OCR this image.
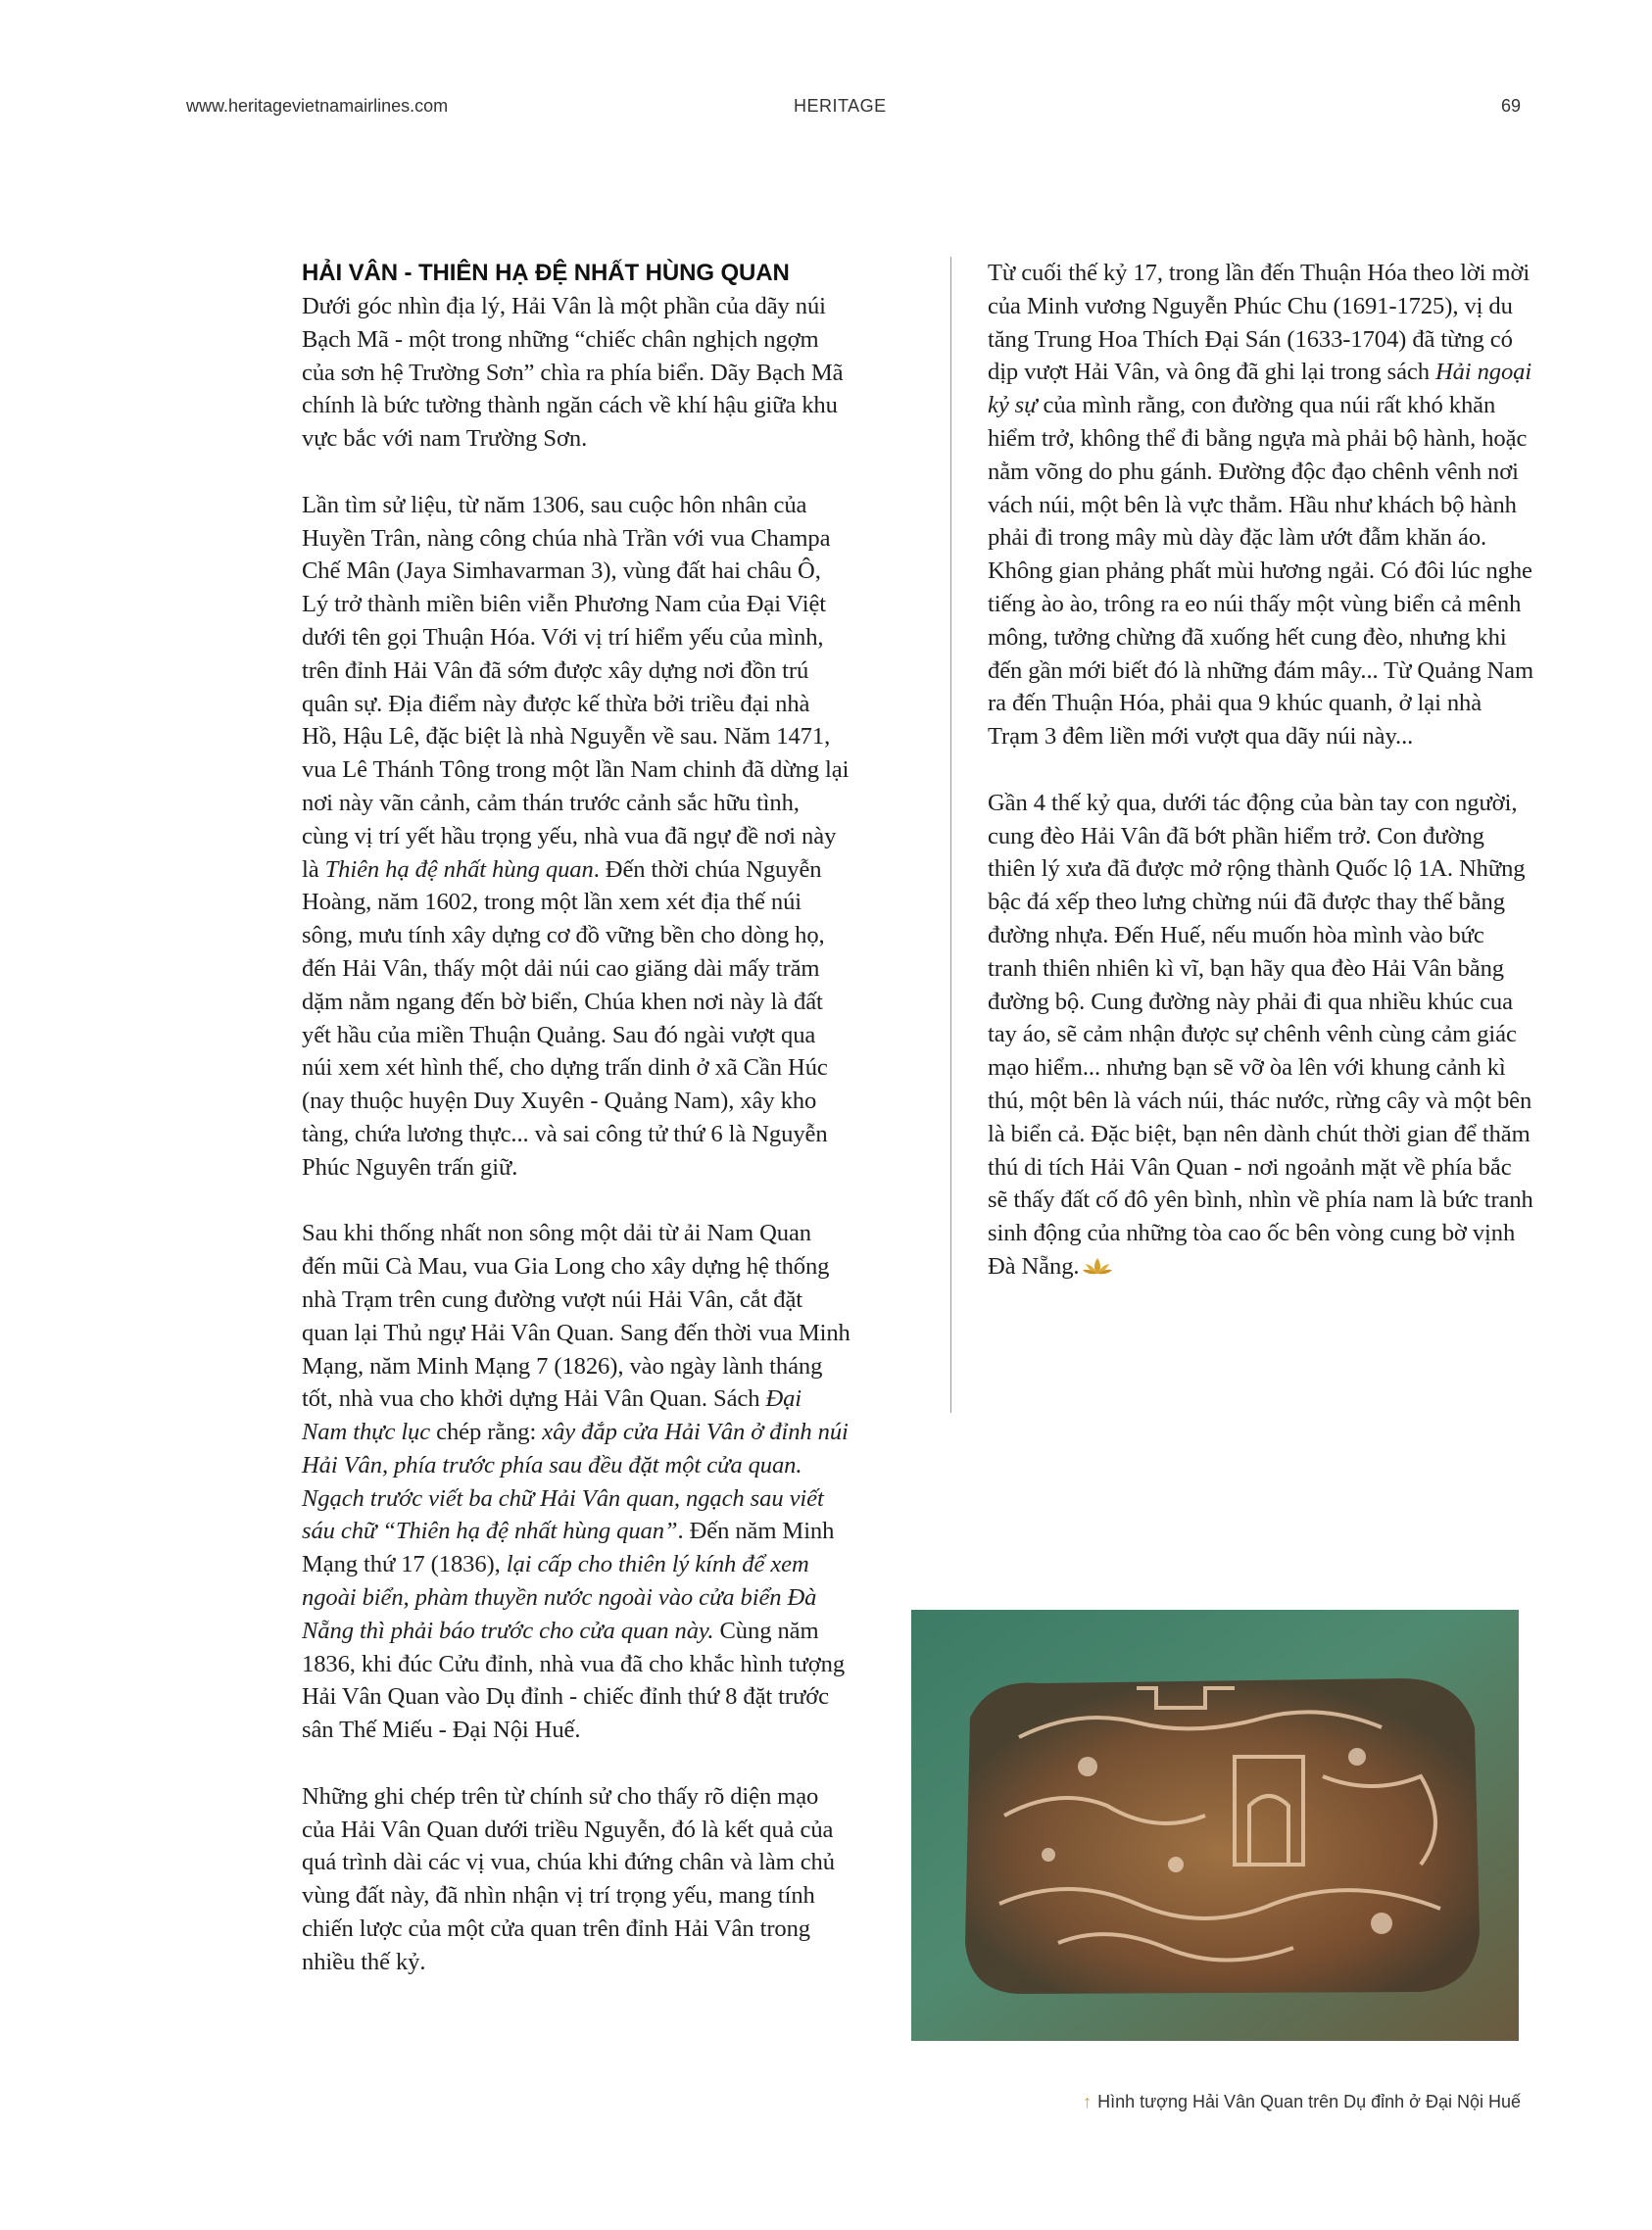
www.heritagevietnamairlines.com	HERITAGE	69
HẢI VÂN - THIÊN HẠ ĐỆ NHẤT HÙNG QUAN

Dưới góc nhìn địa lý, Hải Vân là một phần của dãy núi Bạch Mã - một trong những “chiếc chân nghịch ngợm của sơn hệ Trường Sơn” chìa ra phía biển. Dãy Bạch Mã chính là bức tường thành ngăn cách về khí hậu giữa khu vực bắc với nam Trường Sơn.

Lần tìm sử liệu, từ năm 1306, sau cuộc hôn nhân của Huyền Trân, nàng công chúa nhà Trần với vua Champa Chế Mân (Jaya Simhavarman 3), vùng đất hai châu Ô, Lý trở thành miền biên viễn Phương Nam của Đại Việt dưới tên gọi Thuận Hóa. Với vị trí hiểm yếu của mình, trên đỉnh Hải Vân đã sớm được xây dựng nơi đồn trú quân sự. Địa điểm này được kế thừa bởi triều đại nhà Hồ, Hậu Lê, đặc biệt là nhà Nguyễn về sau. Năm 1471, vua Lê Thánh Tông trong một lần Nam chinh đã dừng lại nơi này vãn cảnh, cảm thán trước cảnh sắc hữu tình, cùng vị trí yết hầu trọng yếu, nhà vua đã ngự đề nơi này là Thiên hạ đệ nhất hùng quan. Đến thời chúa Nguyễn Hoàng, năm 1602, trong một lần xem xét địa thế núi sông, mưu tính xây dựng cơ đồ vững bền cho dòng họ, đến Hải Vân, thấy một dải núi cao giăng dài mấy trăm dặm nằm ngang đến bờ biển, Chúa khen nơi này là đất yết hầu của miền Thuận Quảng. Sau đó ngài vượt qua núi xem xét hình thế, cho dựng trấn dinh ở xã Cần Húc (nay thuộc huyện Duy Xuyên - Quảng Nam), xây kho tàng, chứa lương thực... và sai công tử thứ 6 là Nguyễn Phúc Nguyên trấn giữ.

Sau khi thống nhất non sông một dải từ ải Nam Quan đến mũi Cà Mau, vua Gia Long cho xây dựng hệ thống nhà Trạm trên cung đường vượt núi Hải Vân, cắt đặt quan lại Thủ ngự Hải Vân Quan. Sang đến thời vua Minh Mạng, năm Minh Mạng 7 (1826), vào ngày lành tháng tốt, nhà vua cho khởi dựng Hải Vân Quan. Sách Đại Nam thực lục chép rằng: xây đắp cửa Hải Vân ở đỉnh núi Hải Vân, phía trước phía sau đều đặt một cửa quan. Ngạch trước viết ba chữ Hải Vân quan, ngạch sau viết sáu chữ “Thiên hạ đệ nhất hùng quan”. Đến năm Minh Mạng thứ 17 (1836), lại cấp cho thiên lý kính để xem ngoài biển, phàm thuyền nước ngoài vào cửa biển Đà Nẵng thì phải báo trước cho cửa quan này. Cùng năm 1836, khi đúc Cửu đỉnh, nhà vua đã cho khắc hình tượng Hải Vân Quan vào Dụ đỉnh - chiếc đỉnh thứ 8 đặt trước sân Thế Miếu - Đại Nội Huế.

Những ghi chép trên từ chính sử cho thấy rõ diện mạo của Hải Vân Quan dưới triều Nguyễn, đó là kết quả của quá trình dài các vị vua, chúa khi đứng chân và làm chủ vùng đất này, đã nhìn nhận vị trí trọng yếu, mang tính chiến lược của một cửa quan trên đỉnh Hải Vân trong nhiều thế kỷ.

Từ cuối thế kỷ 17, trong lần đến Thuận Hóa theo lời mời của Minh vương Nguyễn Phúc Chu (1691-1725), vị du tăng Trung Hoa Thích Đại Sán (1633-1704) đã từng có dịp vượt Hải Vân, và ông đã ghi lại trong sách Hải ngoại kỷ sự của mình rằng, con đường qua núi rất khó khăn hiểm trở, không thể đi bằng ngựa mà phải bộ hành, hoặc nằm võng do phu gánh. Đường độc đạo chênh vênh nơi vách núi, một bên là vực thẳm. Hầu như khách bộ hành phải đi trong mây mù dày đặc làm ướt đẫm khăn áo. Không gian phảng phất mùi hương ngải. Có đôi lúc nghe tiếng ào ào, trông ra eo núi thấy một vùng biển cả mênh mông, tưởng chừng đã xuống hết cung đèo, nhưng khi đến gần mới biết đó là những đám mây... Từ Quảng Nam ra đến Thuận Hóa, phải qua 9 khúc quanh, ở lại nhà Trạm 3 đêm liền mới vượt qua dãy núi này...

Gần 4 thế kỷ qua, dưới tác động của bàn tay con người, cung đèo Hải Vân đã bớt phần hiểm trở. Con đường thiên lý xưa đã được mở rộng thành Quốc lộ 1A. Những bậc đá xếp theo lưng chừng núi đã được thay thế bằng đường nhựa. Đến Huế, nếu muốn hòa mình vào bức tranh thiên nhiên kì vĩ, bạn hãy qua đèo Hải Vân bằng đường bộ. Cung đường này phải đi qua nhiều khúc cua tay áo, sẽ cảm nhận được sự chênh vênh cùng cảm giác mạo hiểm... nhưng bạn sẽ vỡ òa lên với khung cảnh kì thú, một bên là vách núi, thác nước, rừng cây và một bên là biển cả. Đặc biệt, bạn nên dành chút thời gian để thăm thú di tích Hải Vân Quan - nơi ngoảnh mặt về phía bắc sẽ thấy đất cố đô yên bình, nhìn về phía nam là bức tranh sinh động của những tòa cao ốc bên vòng cung bờ vịnh Đà Nẵng.

↑ Hình tượng Hải Vân Quan trên Dụ đỉnh ở Đại Nội Huế
